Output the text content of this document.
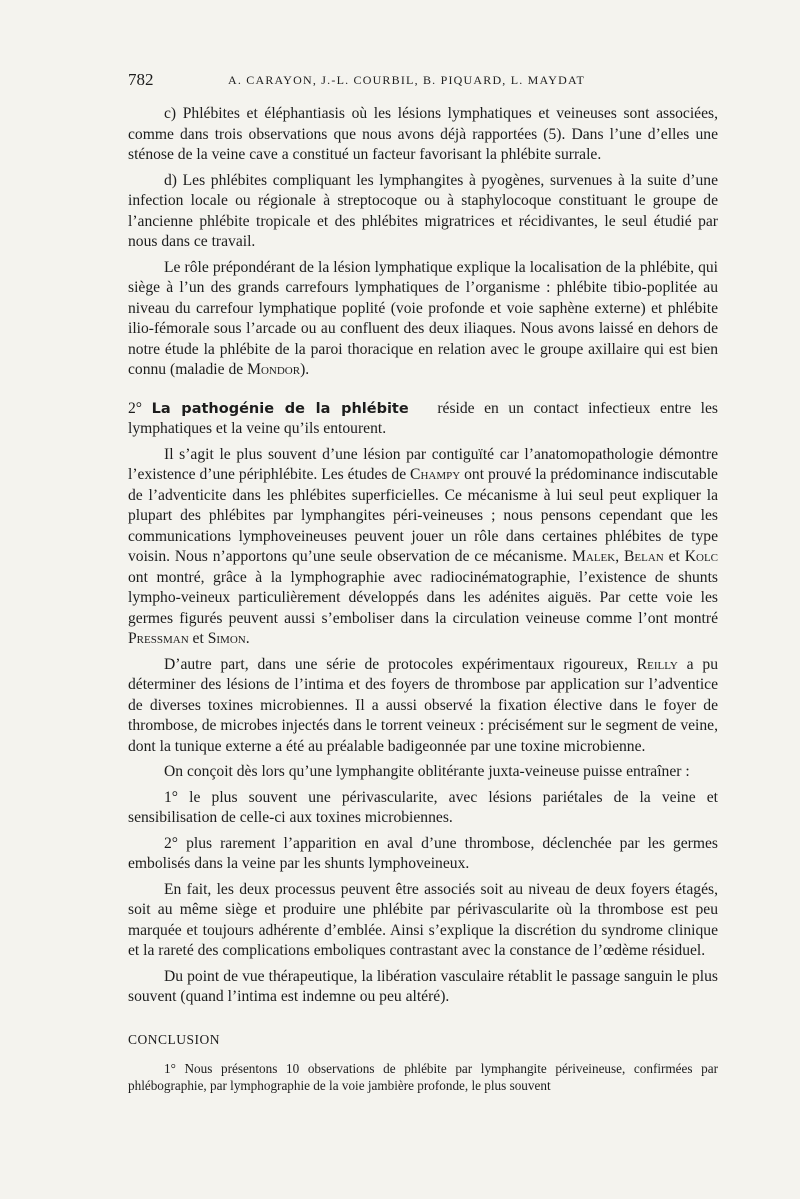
782	A. CARAYON, J.-L. COURBIL, B. PIQUARD, L. MAYDAT

c) Phlébites et éléphantiasis où les lésions lymphatiques et veineuses sont associées, comme dans trois observations que nous avons déjà rapportées (5). Dans l’une d’elles une sténose de la veine cave a constitué un facteur favorisant la phlébite surrale.

d) Les phlébites compliquant les lymphangites à pyogènes, survenues à la suite d’une infection locale ou régionale à streptocoque ou à staphylocoque constituant le groupe de l’ancienne phlébite tropicale et des phlébites migratrices et récidivantes, le seul étudié par nous dans ce travail.

Le rôle prépondérant de la lésion lymphatique explique la localisation de la phlébite, qui siège à l’un des grands carrefours lymphatiques de l’organisme : phlébite tibio-poplitée au niveau du carrefour lymphatique poplité (voie profonde et voie saphène externe) et phlébite ilio-fémorale sous l’arcade ou au confluent des deux iliaques. Nous avons laissé en dehors de notre étude la phlébite de la paroi thoracique en relation avec le groupe axillaire qui est bien connu (maladie de Mondor).

2° La pathogénie de la phlébite réside en un contact infectieux entre les lymphatiques et la veine qu’ils entourent.

Il s’agit le plus souvent d’une lésion par contiguïté car l’anatomopathologie démontre l’existence d’une périphlébite. Les études de Champy ont prouvé la prédominance indiscutable de l’adventicite dans les phlébites superficielles. Ce mécanisme à lui seul peut expliquer la plupart des phlébites par lymphangites péri-veineuses ; nous pensons cependant que les communications lymphoveineuses peuvent jouer un rôle dans certaines phlébites de type voisin. Nous n’apportons qu’une seule observation de ce mécanisme. Malek, Belan et Kolc ont montré, grâce à la lymphographie avec radiocinématographie, l’existence de shunts lympho-veineux particulièrement développés dans les adénites aiguës. Par cette voie les germes figurés peuvent aussi s’emboliser dans la circulation veineuse comme l’ont montré Pressman et Simon.

D’autre part, dans une série de protocoles expérimentaux rigoureux, Reilly a pu déterminer des lésions de l’intima et des foyers de thrombose par application sur l’adventice de diverses toxines microbiennes. Il a aussi observé la fixation élective dans le foyer de thrombose, de microbes injectés dans le torrent veineux : précisément sur le segment de veine, dont la tunique externe a été au préalable badigeonnée par une toxine microbienne.

On conçoit dès lors qu’une lymphangite oblitérante juxta-veineuse puisse entraîner :

1° le plus souvent une périvascularite, avec lésions pariétales de la veine et sensibilisation de celle-ci aux toxines microbiennes.

2° plus rarement l’apparition en aval d’une thrombose, déclenchée par les germes embolisés dans la veine par les shunts lymphoveineux.

En fait, les deux processus peuvent être associés soit au niveau de deux foyers étagés, soit au même siège et produire une phlébite par périvascularite où la thrombose est peu marquée et toujours adhérente d’emblée. Ainsi s’explique la discrétion du syndrome clinique et la rareté des complications emboliques contrastant avec la constance de l’œdème résiduel.

Du point de vue thérapeutique, la libération vasculaire rétablit le passage sanguin le plus souvent (quand l’intima est indemne ou peu altéré).

CONCLUSION

1° Nous présentons 10 observations de phlébite par lymphangite périveineuse, confirmées par phlébographie, par lymphographie de la voie jambière profonde, le plus souvent
